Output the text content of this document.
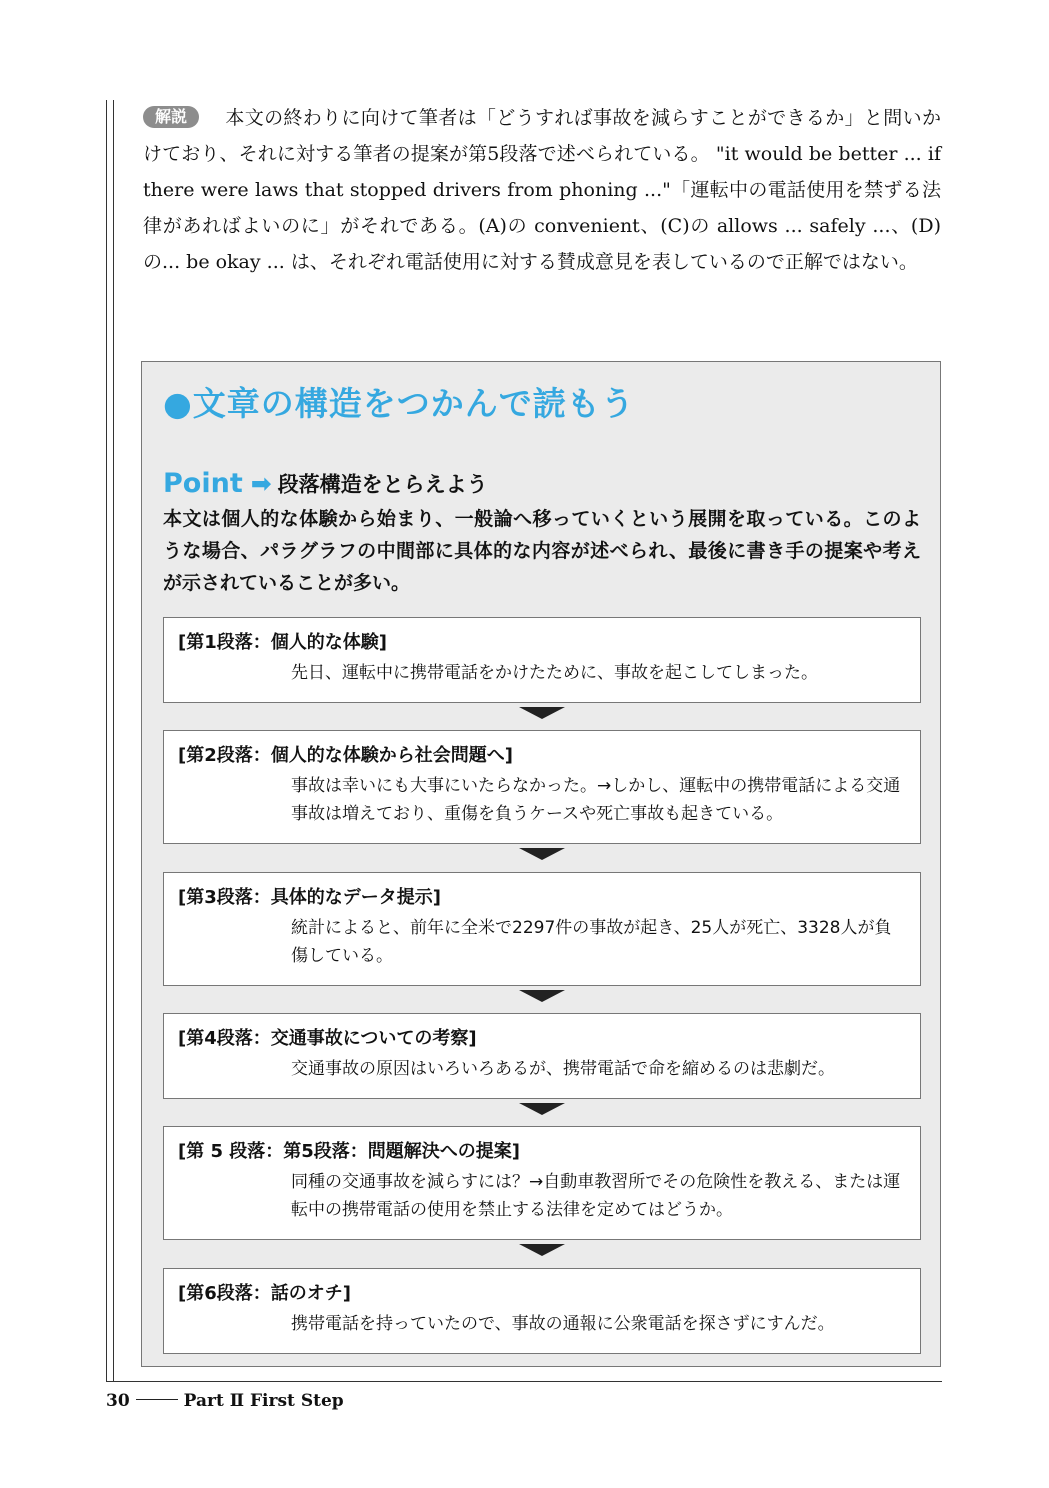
解説 本文の終わりに向けて筆者は「どうすれば事故を減らすことができるか」と問いかけており、それに対する筆者の提案が第5段落で述べられている。 "it would be better ... if there were laws that stopped drivers from phoning ..."「運転中の電話使用を禁ずる法律があればよいのに」がそれである。(A)の convenient、(C)の allows ... safely ...、(D)の... be okay ... は、それぞれ電話使用に対する賛成意見を表しているので正解ではない。
●文章の構造をつかんで読もう
Point ➡ 段落構造をとらえよう

本文は個人的な体験から始まり、一般論へ移っていくという展開を取っている。このような場合、パラグラフの中間部に具体的な内容が述べられ、最後に書き手の提案や考えが示されていることが多い。

[第1段落：個人的な体験]

先日、運転中に携帯電話をかけたために、事故を起こしてしまった。

[第2段落：個人的な体験から社会問題へ]

事故は幸いにも大事にいたらなかった。→しかし、運転中の携帯電話による交通事故は増えており、重傷を負うケースや死亡事故も起きている。

[第3段落：具体的なデータ提示]

統計によると、前年に全米で2297件の事故が起き、25人が死亡、3328人が負傷している。

[第4段落：交通事故についての考察]

交通事故の原因はいろいろあるが、携帯電話で命を縮めるのは悲劇だ。

[第 5 段落：第5段落：問題解決への提案]

同種の交通事故を減らすには？→自動車教習所でその危険性を教える、または運転中の携帯電話の使用を禁止する法律を定めてはどうか。

[第6段落：話のオチ]

携帯電話を持っていたので、事故の通報に公衆電話を探さずにすんだ。

30	Part Ⅱ First Step
